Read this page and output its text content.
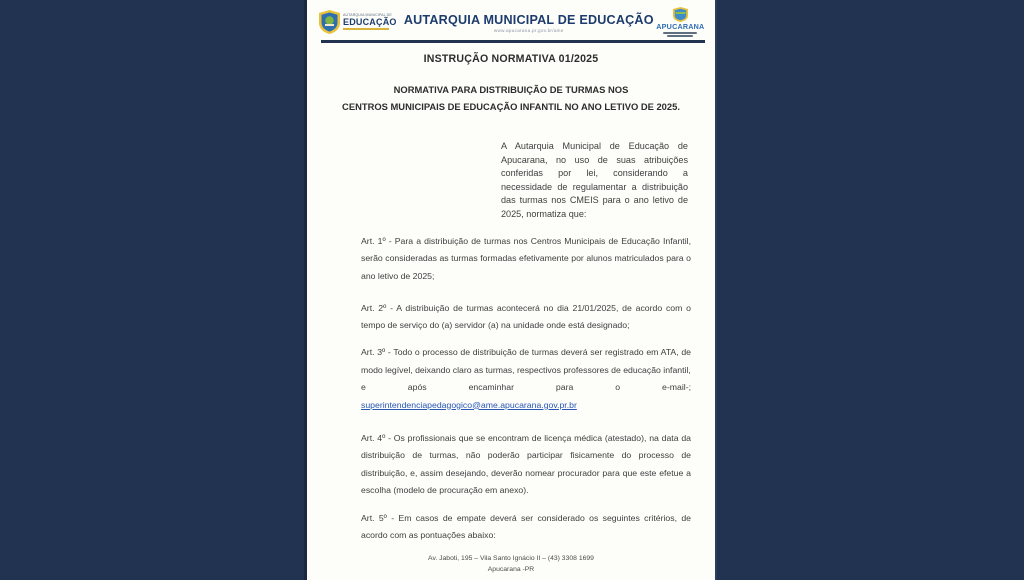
AUTARQUIA MUNICIPAL DE
EDUCAÇÃO AUTARQUIA MUNICIPAL DE EDUCAÇÃO
www.apucarana.pr.gov.br/ame	APUCARANA
INSTRUÇÃO NORMATIVA 01/2025
NORMATIVA PARA DISTRIBUIÇÃO DE TURMAS NOS
CENTROS MUNICIPAIS DE EDUCAÇÃO INFANTIL NO ANO LETIVO DE 2025.

A Autarquia Municipal de Educação de Apucarana, no uso de suas atribuições conferidas por lei, considerando a necessidade de regulamentar a distribuição das turmas nos CMEIS para o ano letivo de 2025, normatiza que:

Art. 1º - Para a distribuição de turmas nos Centros Municipais de Educação Infantil, serão consideradas as turmas formadas efetivamente por alunos matriculados para o ano letivo de 2025;

Art. 2º - A distribuição de turmas acontecerá no dia 21/01/2025, de acordo com o tempo de serviço do (a) servidor (a) na unidade onde está designado;

Art. 3º - Todo o processo de distribuição de turmas deverá ser registrado em ATA, de modo legível, deixando claro as turmas, respectivos professores de educação infantil,
e após encaminhar para o e-mail-;
superintendenciapedagogico@ame.apucarana.gov.pr.br

Art. 4º - Os profissionais que se encontram de licença médica (atestado), na data da distribuição de turmas, não poderão participar fisicamente do processo de distribuição, e, assim desejando, deverão nomear procurador para que este efetue a escolha (modelo de procuração em anexo).

Art. 5º - Em casos de empate deverá ser considerado os seguintes critérios, de acordo com as pontuações abaixo:

Av. Jaboti, 195 – Vila Santo Ignácio II – (43) 3308 1699
Apucarana -PR
